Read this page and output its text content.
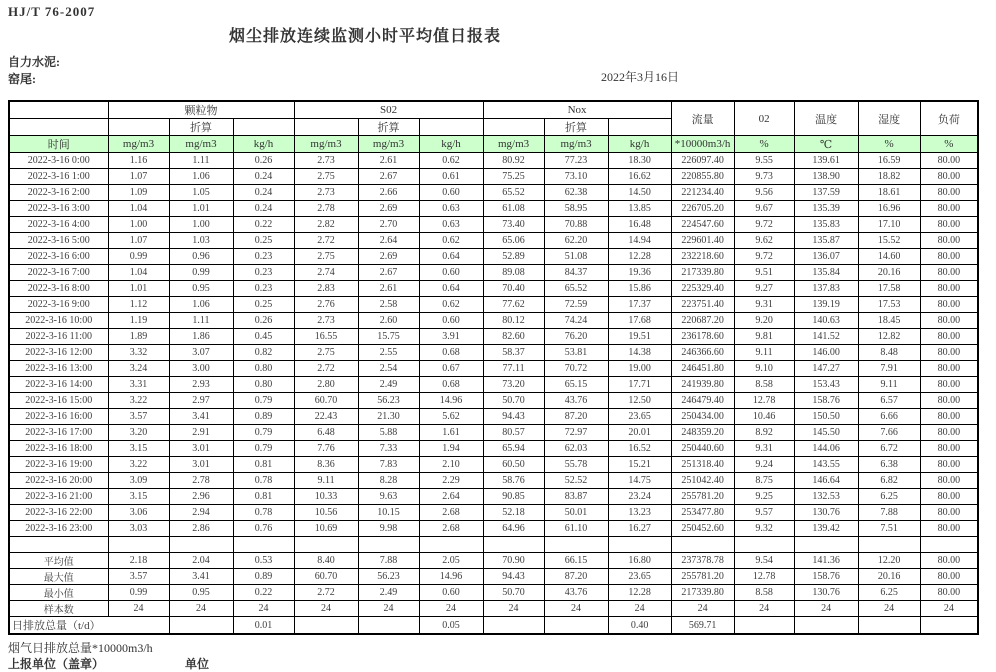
HJ/T 76-2007
烟尘排放连续监测小时平均值日报表
自力水泥:
窑尾:	2022年3月16日
	颗粒物			S02			Nox			流量	02	温度	湿度	负荷
		折算			折算			折算						
时间	mg/m3	mg/m3	kg/h	mg/m3	mg/m3	kg/h	mg/m3	mg/m3	kg/h	*10000m3/h	%	℃	%	%
2022-3-16 0:00	1.16	1.11	0.26	2.73	2.61	0.62	80.92	77.23	18.30	226097.40	9.55	139.61	16.59	80.00
2022-3-16 1:00	1.07	1.06	0.24	2.75	2.67	0.61	75.25	73.10	16.62	220855.80	9.73	138.90	18.82	80.00
2022-3-16 2:00	1.09	1.05	0.24	2.73	2.66	0.60	65.52	62.38	14.50	221234.40	9.56	137.59	18.61	80.00
2022-3-16 3:00	1.04	1.01	0.24	2.78	2.69	0.63	61.08	58.95	13.85	226705.20	9.67	135.39	16.96	80.00
2022-3-16 4:00	1.00	1.00	0.22	2.82	2.70	0.63	73.40	70.88	16.48	224547.60	9.72	135.83	17.10	80.00
2022-3-16 5:00	1.07	1.03	0.25	2.72	2.64	0.62	65.06	62.20	14.94	229601.40	9.62	135.87	15.52	80.00
2022-3-16 6:00	0.99	0.96	0.23	2.75	2.69	0.64	52.89	51.08	12.28	232218.60	9.72	136.07	14.60	80.00
2022-3-16 7:00	1.04	0.99	0.23	2.74	2.67	0.60	89.08	84.37	19.36	217339.80	9.51	135.84	20.16	80.00
2022-3-16 8:00	1.01	0.95	0.23	2.83	2.61	0.64	70.40	65.52	15.86	225329.40	9.27	137.83	17.58	80.00
2022-3-16 9:00	1.12	1.06	0.25	2.76	2.58	0.62	77.62	72.59	17.37	223751.40	9.31	139.19	17.53	80.00
2022-3-16 10:00	1.19	1.11	0.26	2.73	2.60	0.60	80.12	74.24	17.68	220687.20	9.20	140.63	18.45	80.00
2022-3-16 11:00	1.89	1.86	0.45	16.55	15.75	3.91	82.60	76.20	19.51	236178.60	9.81	141.52	12.82	80.00
2022-3-16 12:00	3.32	3.07	0.82	2.75	2.55	0.68	58.37	53.81	14.38	246366.60	9.11	146.00	8.48	80.00
2022-3-16 13:00	3.24	3.00	0.80	2.72	2.54	0.67	77.11	70.72	19.00	246451.80	9.10	147.27	7.91	80.00
2022-3-16 14:00	3.31	2.93	0.80	2.80	2.49	0.68	73.20	65.15	17.71	241939.80	8.58	153.43	9.11	80.00
2022-3-16 15:00	3.22	2.97	0.79	60.70	56.23	14.96	50.70	43.76	12.50	246479.40	12.78	158.76	6.57	80.00
2022-3-16 16:00	3.57	3.41	0.89	22.43	21.30	5.62	94.43	87.20	23.65	250434.00	10.46	150.50	6.66	80.00
2022-3-16 17:00	3.20	2.91	0.79	6.48	5.88	1.61	80.57	72.97	20.01	248359.20	8.92	145.50	7.66	80.00
2022-3-16 18:00	3.15	3.01	0.79	7.76	7.33	1.94	65.94	62.03	16.52	250440.60	9.31	144.06	6.72	80.00
2022-3-16 19:00	3.22	3.01	0.81	8.36	7.83	2.10	60.50	55.78	15.21	251318.40	9.24	143.55	6.38	80.00
2022-3-16 20:00	3.09	2.78	0.78	9.11	8.28	2.29	58.76	52.52	14.75	251042.40	8.75	146.64	6.82	80.00
2022-3-16 21:00	3.15	2.96	0.81	10.33	9.63	2.64	90.85	83.87	23.24	255781.20	9.25	132.53	6.25	80.00
2022-3-16 22:00	3.06	2.94	0.78	10.56	10.15	2.68	52.18	50.01	13.23	253477.80	9.57	130.76	7.88	80.00
2022-3-16 23:00	3.03	2.86	0.76	10.69	9.98	2.68	64.96	61.10	16.27	250452.60	9.32	139.42	7.51	80.00

平均值	2.18	2.04	0.53	8.40	7.88	2.05	70.90	66.15	16.80	237378.78	9.54	141.36	12.20	80.00
最大值	3.57	3.41	0.89	60.70	56.23	14.96	94.43	87.20	23.65	255781.20	12.78	158.76	20.16	80.00
最小值	0.99	0.95	0.22	2.72	2.49	0.60	50.70	43.76	12.28	217339.80	8.58	130.76	6.25	80.00
样本数	24	24	24	24	24	24	24	24	24	24	24	24	24	24
日排放总量（t/d）			0.01			0.05			0.40	569.71				
烟气日排放总量*10000m3/h
上报单位（盖章）	单位
